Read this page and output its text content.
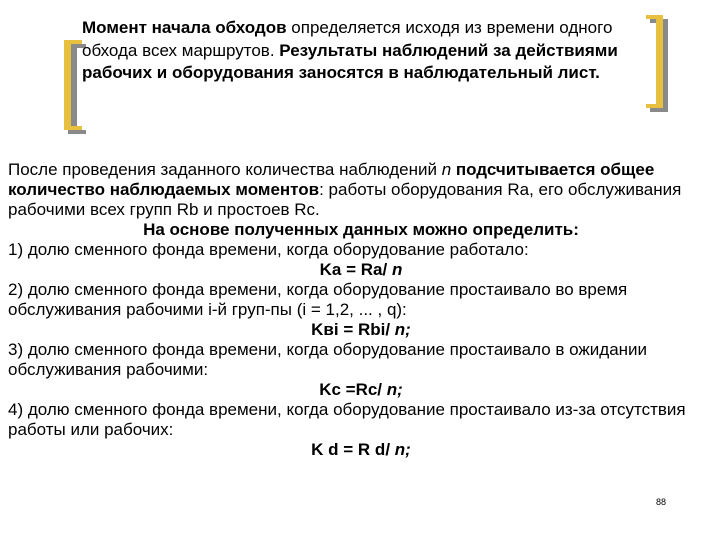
Момент начала обходов определяется исходя из времени одного обхода всех маршрутов. Результаты наблюдений за действиями рабочих и оборудования заносятся в наблюдательный лист.

После проведения заданного количества наблюдений n подсчитывается общее количество наблюдаемых моментов: работы оборудования Ra, его обслуживания рабочими всех групп Rb и простоев Rc.

На основе полученных данных можно определить:

1) долю сменного фонда времени, когда оборудование работало:

Ka = Ra/ n

2) долю сменного фонда времени, когда оборудование простаивало во время обслуживания рабочими i-й груп-пы (i = 1,2, ... , q):

Kвi = Rbi/ n;

3) долю сменного фонда времени, когда оборудование простаивало в ожидании обслуживания рабочими:

Kc =Rc/ n;

4) долю сменного фонда времени, когда оборудование простаивало из-за отсутствия работы или рабочих:

K d = R d/ n;

88
